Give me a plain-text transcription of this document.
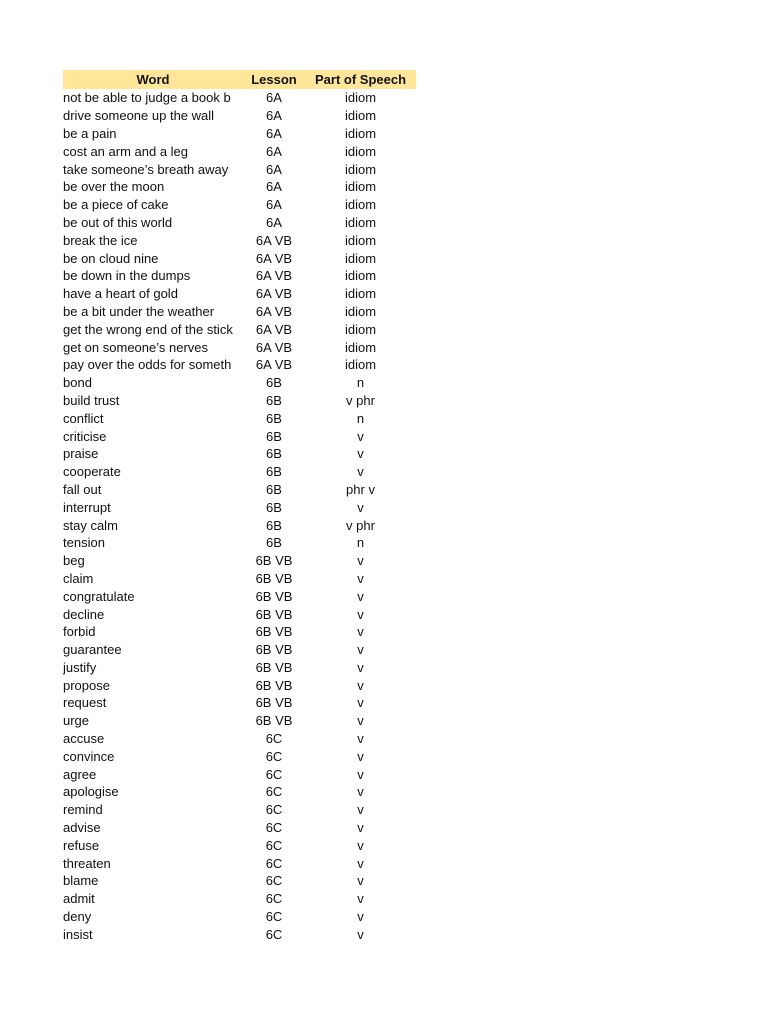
Word	Lesson	Part of Speech
not be able to judge a book b	6A	idiom
drive someone up the wall	6A	idiom
be a pain	6A	idiom
cost an arm and a leg	6A	idiom
take someone’s breath away	6A	idiom
be over the moon	6A	idiom
be a piece of cake	6A	idiom
be out of this world	6A	idiom
break the ice	6A VB	idiom
be on cloud nine	6A VB	idiom
be down in the dumps	6A VB	idiom
have a heart of gold	6A VB	idiom
be a bit under the weather	6A VB	idiom
get the wrong end of the stick	6A VB	idiom
get on someone’s nerves	6A VB	idiom
pay over the odds for someth	6A VB	idiom
bond	6B	n
build trust	6B	v phr
conflict	6B	n
criticise	6B	v
praise	6B	v
cooperate	6B	v
fall out	6B	phr v
interrupt	6B	v
stay calm	6B	v phr
tension	6B	n
beg	6B VB	v
claim	6B VB	v
congratulate	6B VB	v
decline	6B VB	v
forbid	6B VB	v
guarantee	6B VB	v
justify	6B VB	v
propose	6B VB	v
request	6B VB	v
urge	6B VB	v
accuse	6C	v
convince	6C	v
agree	6C	v
apologise	6C	v
remind	6C	v
advise	6C	v
refuse	6C	v
threaten	6C	v
blame	6C	v
admit	6C	v
deny	6C	v
insist	6C	v
